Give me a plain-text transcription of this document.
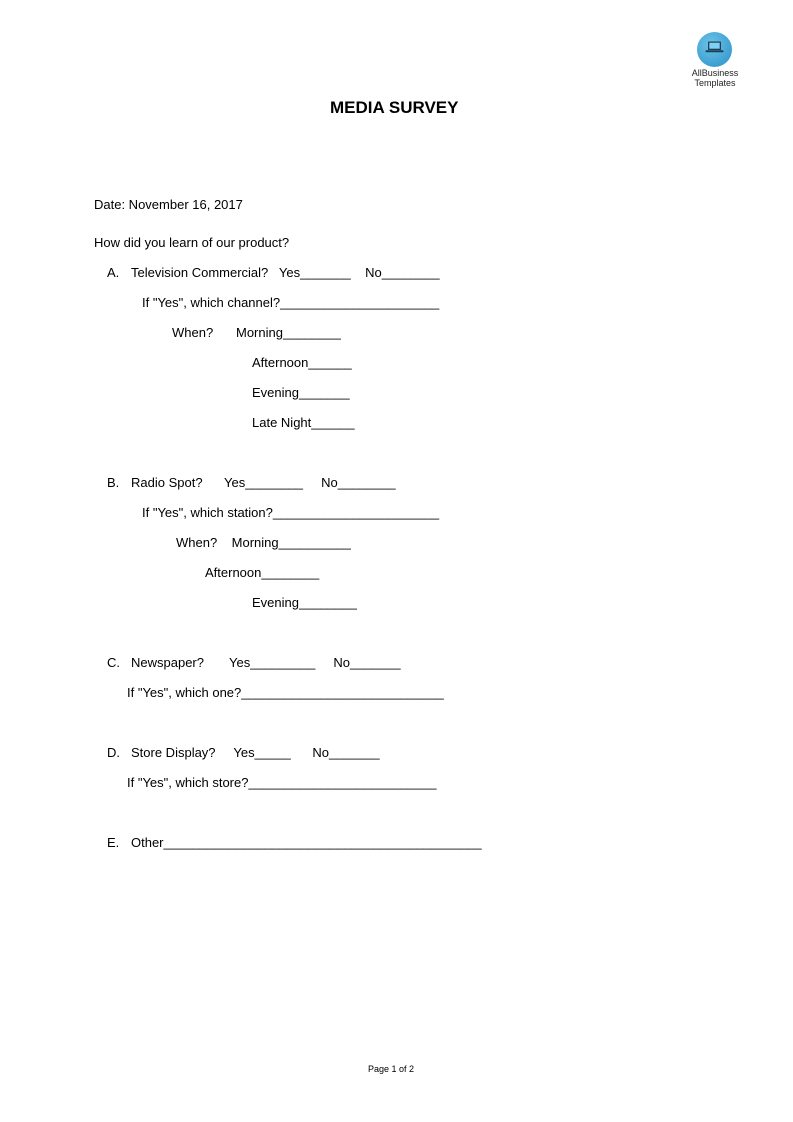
AllBusiness
Templates
MEDIA SURVEY
Date: November 16, 2017
How did you learn of our product?
A. Television Commercial?   Yes_______    No________
If "Yes", which channel?______________________
When? Morning________
Afternoon______
Evening_______
Late Night______
B. Radio Spot?      Yes________     No________
If "Yes", which station?_______________________
When?    Morning__________
Afternoon________
Evening________
C. Newspaper?       Yes_________     No_______
If "Yes", which one?____________________________
D. Store Display?     Yes_____      No_______
If "Yes", which store?__________________________
E. Other____________________________________________
Page 1 of 2
